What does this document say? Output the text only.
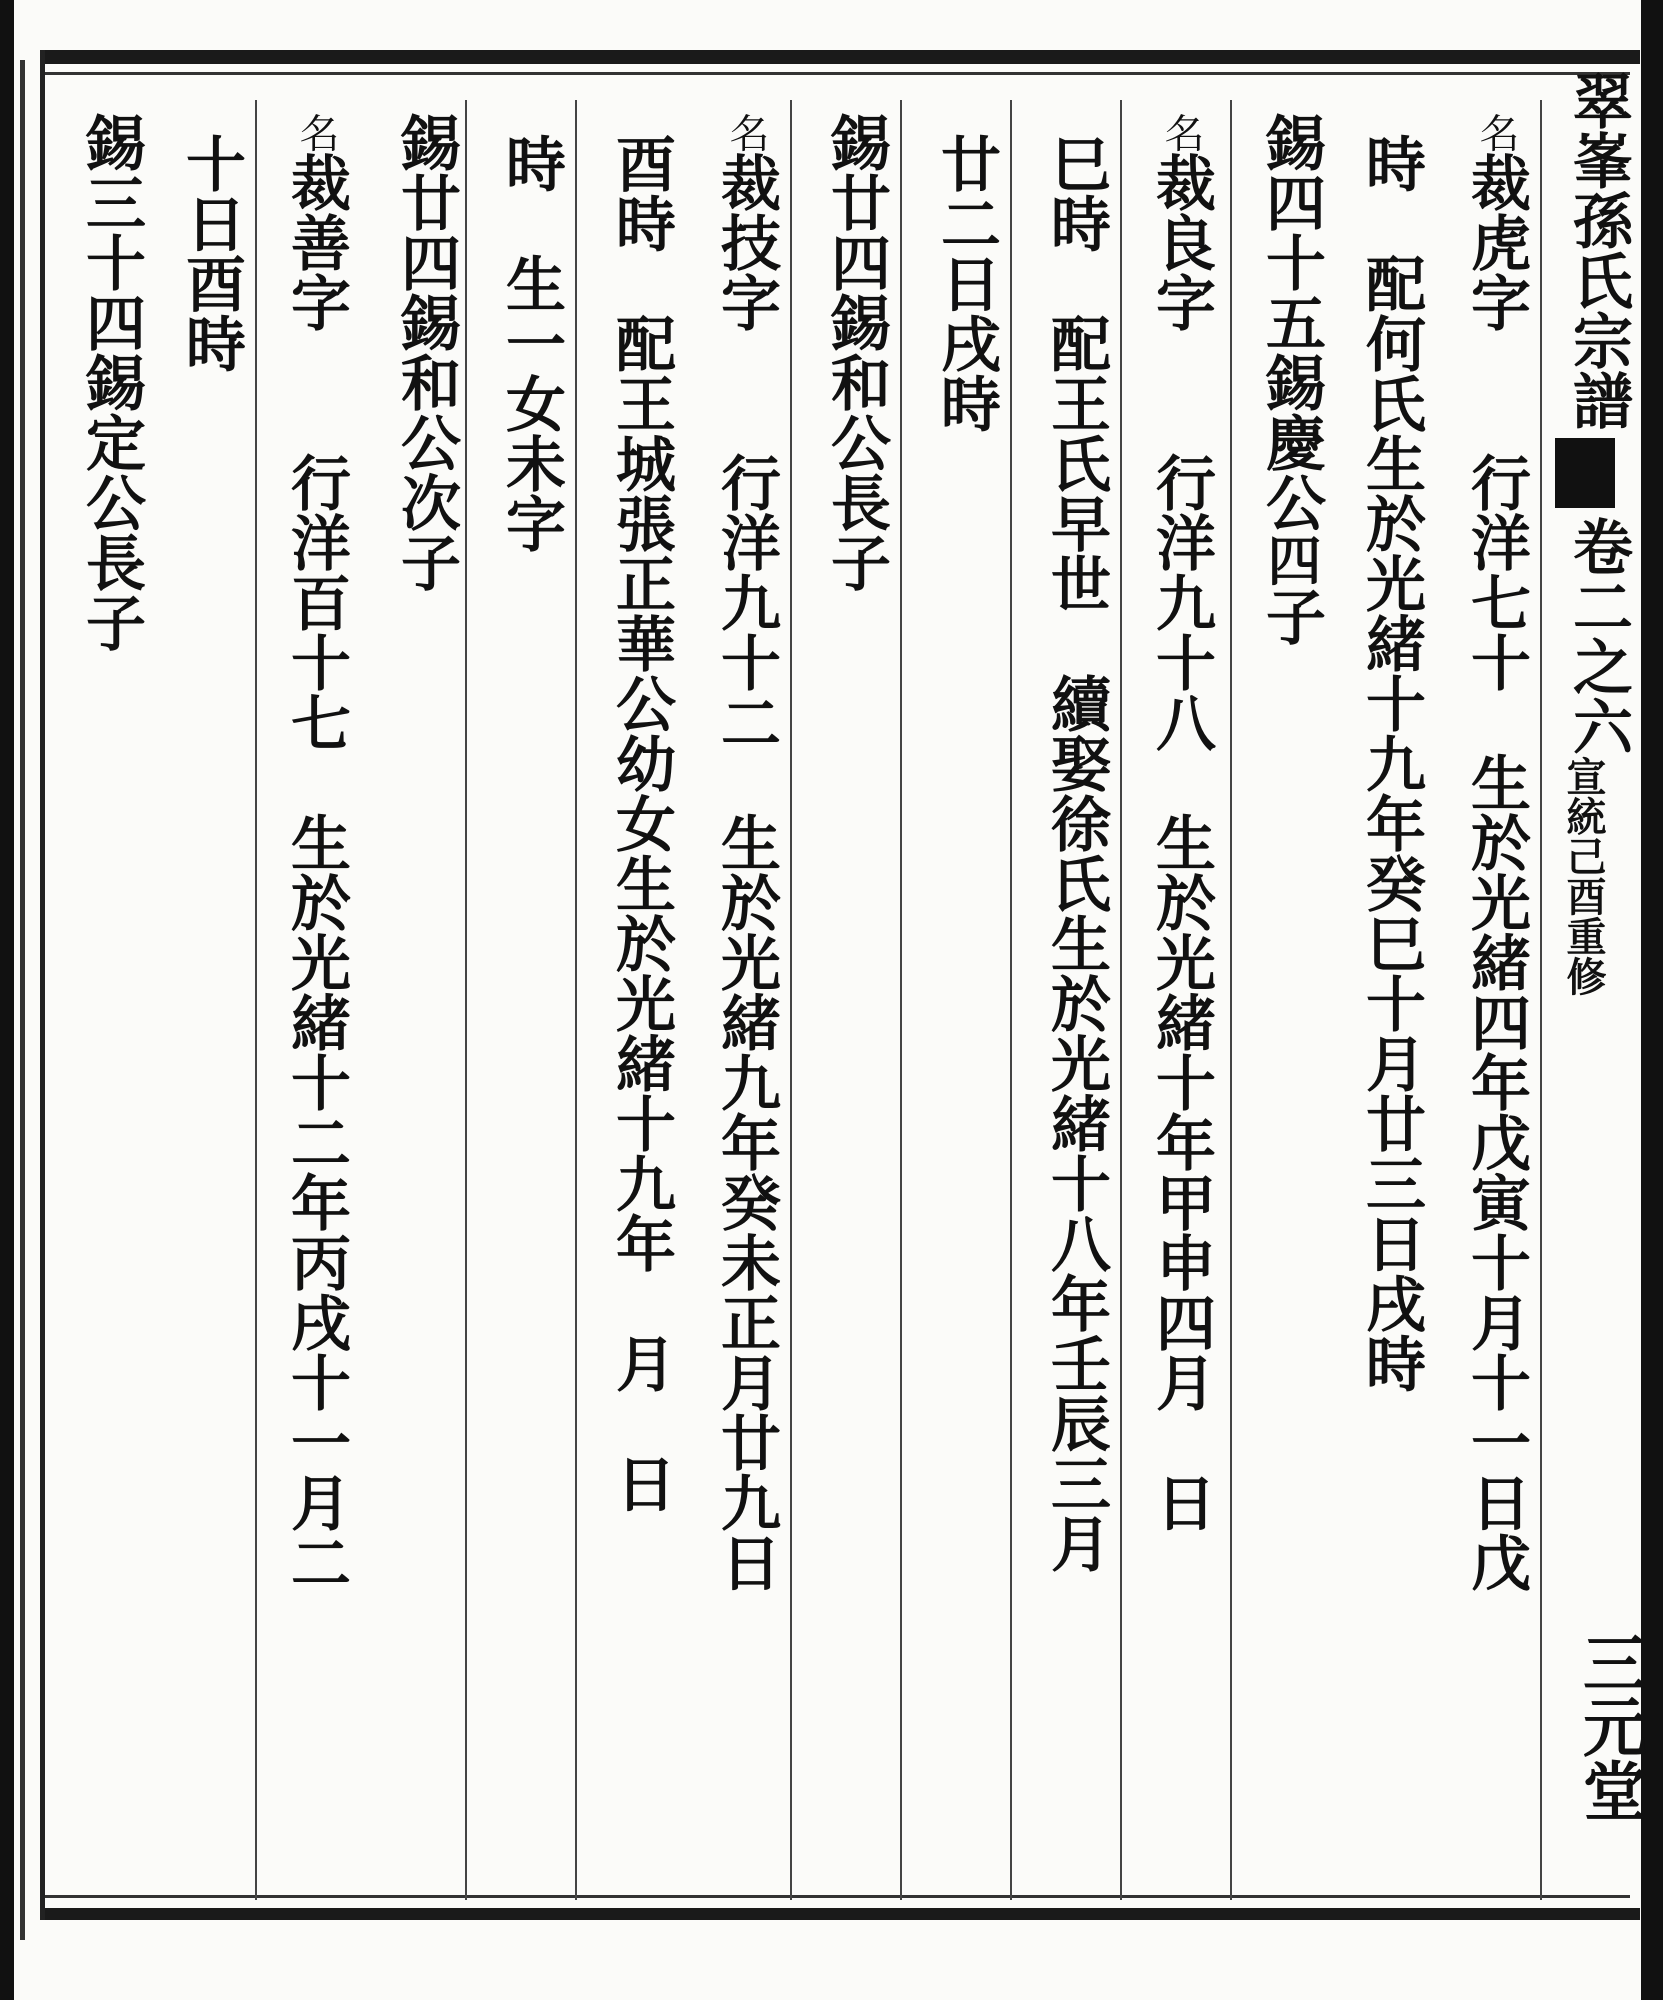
翠峯孫氏宗譜
卷二之六
宣統己酉重修
三元堂

名裁虎字　　行洋七十　生於光緒四年戊寅十月十一日戊

時　配何氏生於光緒十九年癸巳十月廿三日戌時

錫四十五錫慶公四子

名裁良字　　行洋九十八　生於光緒十年甲申四月　日

巳時　配王氏早世　續娶徐氏生於光緒十八年壬辰三月

廿二日戌時

錫廿四錫和公長子

名裁技字　　行洋九十二　生於光緒九年癸未正月廿九日

酉時　配王城張正華公幼女生於光緒十九年　月　日

時　生一女未字

錫廿四錫和公次子

名裁善字　　行洋百十七　生於光緒十二年丙戌十一月二

十日酉時

錫三十四錫定公長子
